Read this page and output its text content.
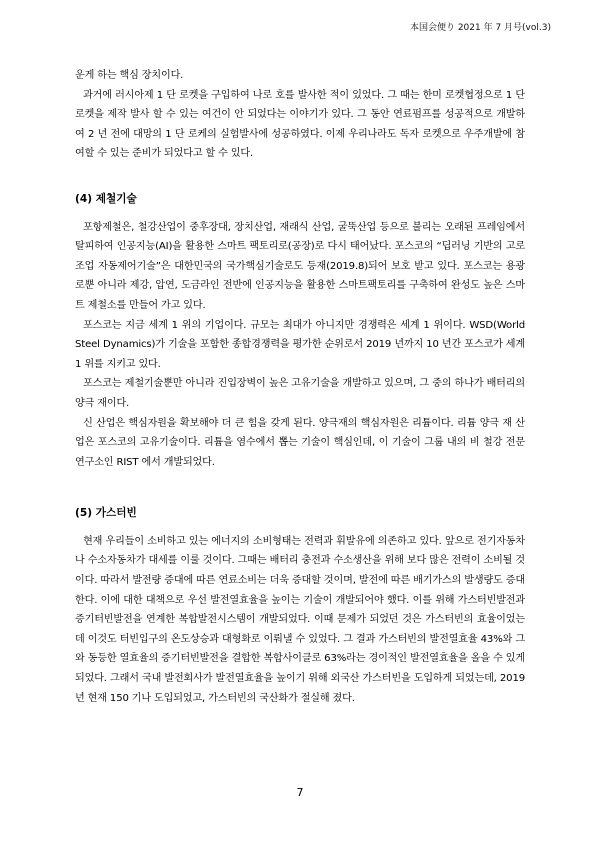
本国会便り 2021 年 7 月号(vol.3)

운게 하는 핵심 장치이다.

과거에 러시아제 1 단 로켓을 구입하여 나로 호를 발사한 적이 있었다. 그 때는 한미 로켓협정으로 1 단 로켓을 제작 발사 할 수 있는 여건이 안 되었다는 이야기가 있다. 그 동안 연료펌프를 성공적으로 개발하여 2 년 전에 대망의 1 단 로케의 실험발사에 성공하였다. 이제 우리나라도 독자 로켓으로 우주개발에 참여할 수 있는 준비가 되었다고 할 수 있다.

(4) 제철기술

포항제철은, 철강산업이 중후장대, 장치산업, 재래식 산업, 굴뚝산업 등으로 불리는 오래된 프레임에서 탈피하여 인공지능(AI)을 활용한 스마트 팩토리로(공장)로 다시 태어났다. 포스코의 “딥러닝 기반의 고로 조업 자동제어기술”은 대한민국의 국가핵심기술로도 등재(2019.8)되어 보호 받고 있다. 포스코는 용광로뿐 아니라 제강, 압연, 도금라인 전반에 인공지능을 활용한 스마트팩토리를 구축하여 완성도 높은 스마트 제철소를 만들어 가고 있다.

포스코는 지금 세계 1 위의 기업이다. 규모는 최대가 아니지만 경쟁력은 세계 1 위이다. WSD(World Steel Dynamics)가 기술을 포함한 종합경쟁력을 평가한 순위로서 2019 년까지 10 년간 포스코가 세계 1 위를 지키고 있다.

포스코는 제철기술뿐만 아니라 진입장벽이 높은 고유기술을 개발하고 있으며, 그 중의 하나가 배터리의 양극 재이다.

신 산업은 핵심자원을 확보해야 더 큰 힘을 갖게 된다. 양극재의 핵심자원은 리튬이다. 리튬 양극 재 산업은 포스코의 고유기술이다. 리튬을 염수에서 뽑는 기술이 핵심인데, 이 기술이 그룹 내의 비 철강 전문연구소인 RIST 에서 개발되었다.

(5) 가스터빈

현재 우리들이 소비하고 있는 에너지의 소비형태는 전력과 휘발유에 의존하고 있다. 앞으로 전기자동차나 수소자동차가 대세를 이룰 것이다. 그때는 배터리 충전과 수소생산을 위해 보다 많은 전력이 소비될 것이다. 따라서 발전량 증대에 따른 연료소비는 더욱 증대할 것이며, 발전에 따른 배기가스의 발생량도 증대한다. 이에 대한 대책으로 우선 발전열효율을 높이는 기술이 개발되어야 했다. 이를 위해 가스터빈발전과 증기터빈발전을 연계한 복합발전시스템이 개발되었다. 이때 문제가 되었던 것은 가스터빈의 효율이었는데 이것도 터빈입구의 온도상승과 대형화로 이뤄낼 수 있었다. 그 결과 가스터빈의 발전열효율 43%와 그와 동등한 열효율의 증기터빈발전을 결합한 복합사이클로 63%라는 경이적인 발전열효율을 올을 수 있게 되었다. 그래서 국내 발전회사가 발전열효율을 높이기 위해 외국산 가스터빈을 도입하게 되었는데, 2019 년 현재 150 기나 도입되었고, 가스터빈의 국산화가 절실해 졌다.

7
